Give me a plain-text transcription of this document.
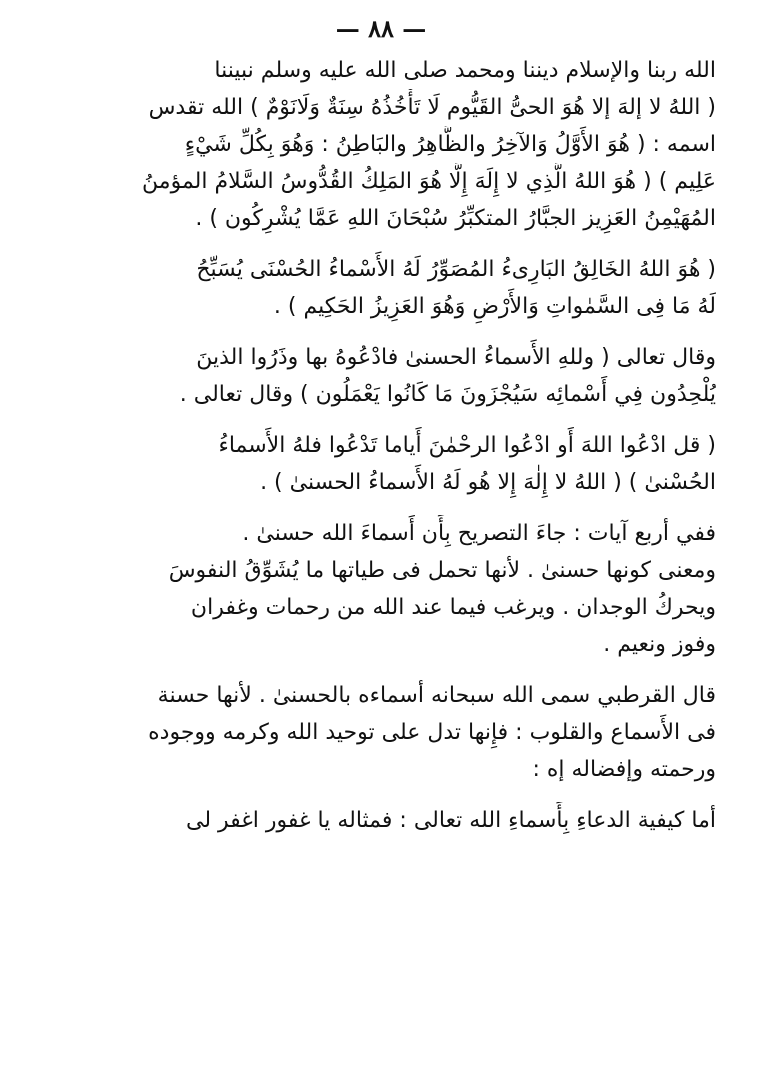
— ٨٨ —
الله ربنا والإسلام ديننا ومحمد صلى الله عليه وسلم نبيننا
( اللهُ لا إلهَ إلا هُوَ الحىُّ القَيُّوم لَا تَأْخُذُهُ سِنَةٌ وَلَانَوْمٌ ) الله تقدس
اسمه : ( هُوَ الأَوَّلُ وَالآخِرُ والظَّاهِرُ والبَاطِنُ : وَهُوَ بِكُلِّ شَيْءٍ
عَلِيم ) ( هُوَ اللهُ الَّذِي لا إِلَهَ إِلَّا هُوَ المَلِكُ القُدُّوسُ السَّلامُ المؤمنُ
المُهَيْمِنُ العَزِيز الجبَّارُ المتكبِّرُ سُبْحَانَ اللهِ عَمَّا يُشْرِكُون ) .
( هُوَ اللهُ الخَالِقُ البَارِىءُ المُصَوِّرُ لَهُ الأَسْماءُ الحُسْنَى يُسَبِّحُ
لَهُ مَا فِى السَّمٰواتِ وَالأَرْضِ وَهُوَ العَزِيزُ الحَكِيم ) .
وقال تعالى ( وللهِ الأَسماءُ الحسنىٰ فادْعُوهُ بها وذَرُوا الذينَ
يُلْحِدُون فِي أَسْمائِه سَيُجْزَونَ مَا كَانُوا يَعْمَلُون ) وقال تعالى .
( قل ادْعُوا اللهَ أَو ادْعُوا الرحْمٰنَ أَياما تَدْعُوا فلهُ الأَسماءُ
الحُسْنىٰ ) ( اللهُ لا إِلٰهَ إِلا هُو لَهُ الأَسماءُ الحسنىٰ ) .
ففي أربع آيات : جاءَ التصريح بِأَن أَسماءَ الله حسنىٰ .
ومعنى كونها حسنىٰ . لأنها تحمل فى طياتها ما يُشَوِّقُ النفوسَ
ويحركُ الوجدان . ويرغب فيما عند الله من رحمات وغفران
وفوز ونعيم .
قال القرطبي سمى الله سبحانه أسماءه بالحسنىٰ . لأنها حسنة
فى الأَسماع والقلوب : فإِنها تدل على توحيد الله وكرمه ووجوده
ورحمته وإفضاله إه :
أما كيفية الدعاءِ بِأَسماءِ الله تعالى : فمثاله يا غفور اغفر لى
